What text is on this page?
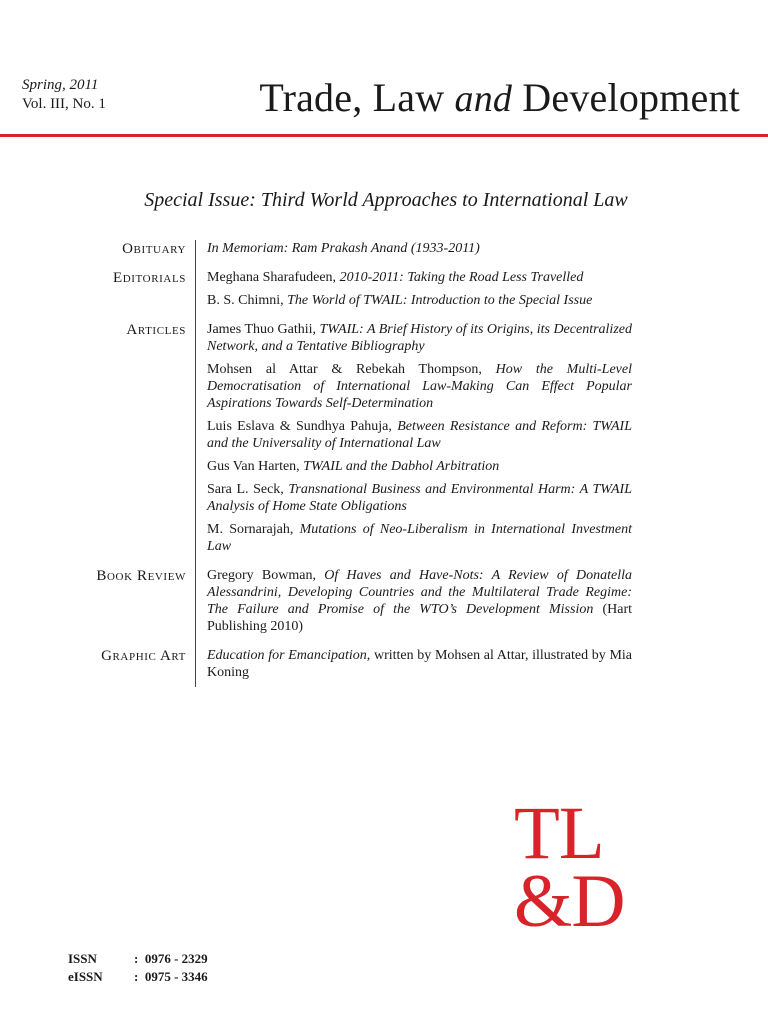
Spring, 2011
Vol. III, No. 1	Trade, Law and Development
Special Issue: Third World Approaches to International Law
Obituary	In Memoriam: Ram Prakash Anand (1933-2011)
Editorials	Meghana Sharafudeen, 2010-2011: Taking the Road Less Travelled
B. S. Chimni, The World of TWAIL: Introduction to the Special Issue
Articles	James Thuo Gathii, TWAIL: A Brief History of its Origins, its Decentralized Network, and a Tentative Bibliography
Mohsen al Attar & Rebekah Thompson, How the Multi-Level Democratisation of International Law-Making Can Effect Popular Aspirations Towards Self-Determination
Luis Eslava & Sundhya Pahuja, Between Resistance and Reform: TWAIL and the Universality of International Law
Gus Van Harten, TWAIL and the Dabhol Arbitration
Sara L. Seck, Transnational Business and Environmental Harm: A TWAIL Analysis of Home State Obligations
M. Sornarajah, Mutations of Neo-Liberalism in International Investment Law
Book Review	Gregory Bowman, Of Haves and Have-Nots: A Review of Donatella Alessandrini, Developing Countries and the Multilateral Trade Regime: The Failure and Promise of the WTO’s Development Mission (Hart Publishing 2010)
Graphic Art	Education for Emancipation, written by Mohsen al Attar, illustrated by Mia Koning
TL
&D
ISSN	: 0976 - 2329
eISSN	: 0975 - 3346
